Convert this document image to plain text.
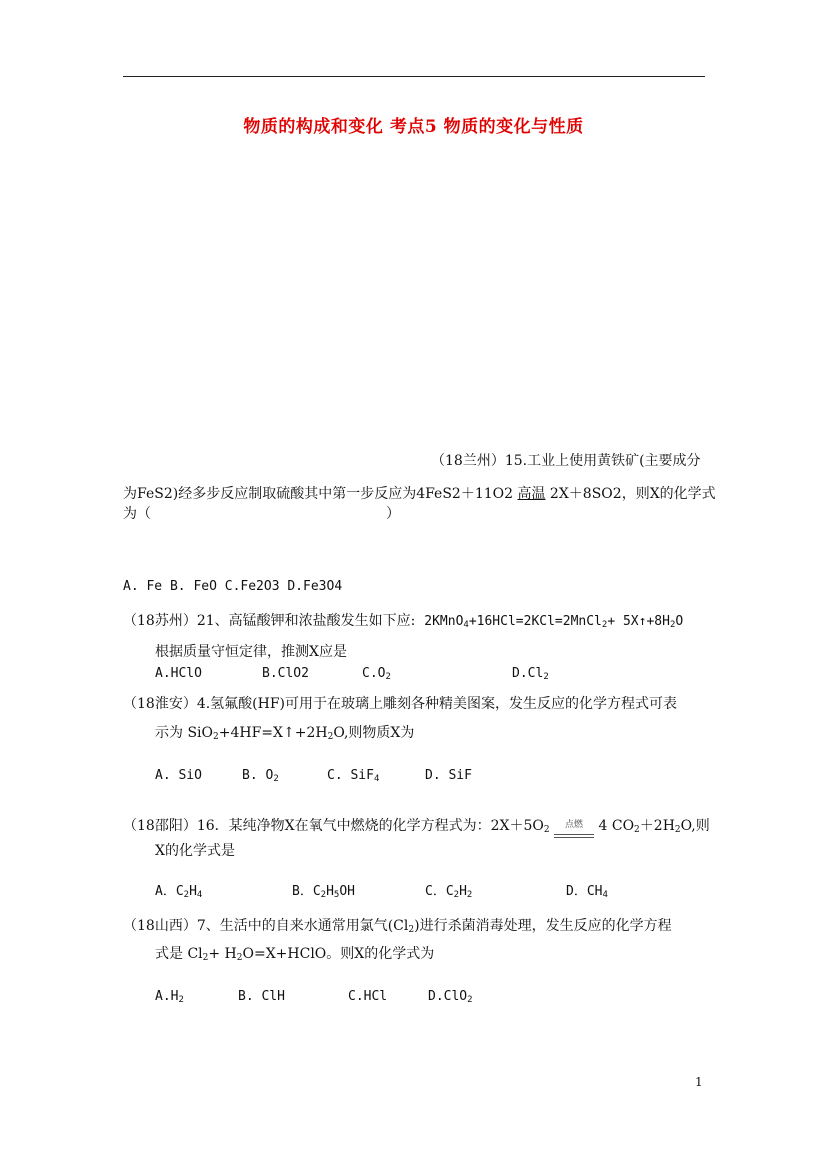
物质的构成和变化 考点5 物质的变化与性质
（18兰州）15.工业上使用黄铁矿(主要成分
为FeS2)经多步反应制取硫酸其中第一步反应为4FeS2＋11O2 高温 2X＋8SO2，则X的化学式
为（	）
A. Fe B. FeO C.Fe2O3 D.Fe3O4
（18苏州）21、高锰酸钾和浓盐酸发生如下应: 2KMnO$_4$+16HCl=2KCl=2MnCl$_2$+ $5X↑+8H_2O$
根据质量守恒定律，推测X应是
A.HClO	B.ClO2	$C.O_2$	$D.Cl_2$
（18淮安）4.氢氟酸(HF)可用于在玻璃上雕刻各种精美图案，发生反应的化学方程式可表
示为 $SiO_2+4HF=X↑+2H_2O$,则物质X为
A. SiO	B. $O_2$	C. SiF$_4$	D. SiF
（18邵阳）16．某纯净物X在氧气中燃烧的化学方程式为：$2X+5O_2$ 点燃 4 $CO_2+2H_2O$,则
X的化学式是
A．$C_2H_4$	B．$C_2H_5OH$	C．$C_2H_2$	D．$CH_4$
（18山西）7、生活中的自来水通常用氯气$(Cl_2)$进行杀菌消毒处理，发生反应的化学方程
式是 $Cl_2+$ $H_2O=X+HClO$。则X的化学式为
$A.H_2$	B. ClH	C.HCl	D.ClO$_2$
1
